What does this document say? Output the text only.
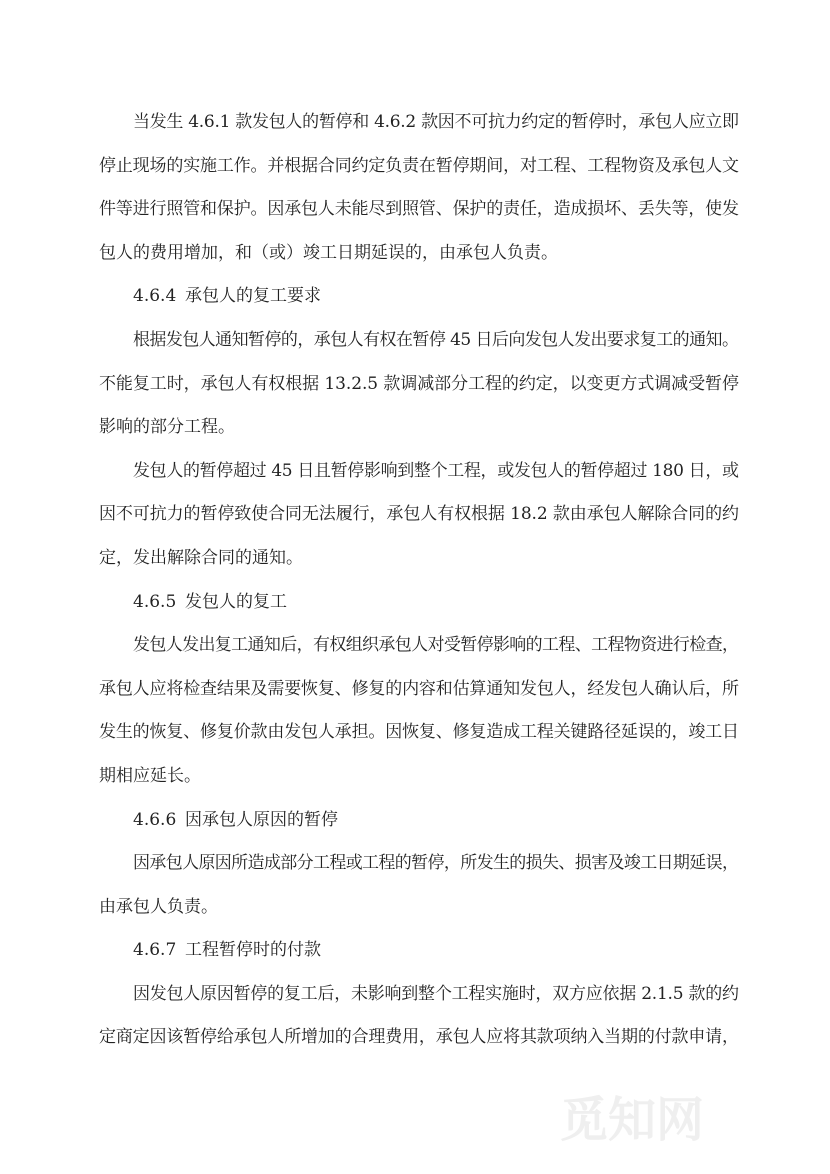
当发生 4.6.1 款发包人的暂停和 4.6.2 款因不可抗力约定的暂停时，承包人应立即
停止现场的实施工作。并根据合同约定负责在暂停期间，对工程、工程物资及承包人文
件等进行照管和保护。因承包人未能尽到照管、保护的责任，造成损坏、丢失等，使发
包人的费用增加，和（或）竣工日期延误的，由承包人负责。
4.6.4 承包人的复工要求
根据发包人通知暂停的，承包人有权在暂停 45 日后向发包人发出要求复工的通知。
不能复工时，承包人有权根据 13.2.5 款调减部分工程的约定，以变更方式调减受暂停
影响的部分工程。
发包人的暂停超过 45 日且暂停影响到整个工程，或发包人的暂停超过 180 日，或
因不可抗力的暂停致使合同无法履行，承包人有权根据 18.2 款由承包人解除合同的约
定，发出解除合同的通知。
4.6.5 发包人的复工
发包人发出复工通知后，有权组织承包人对受暂停影响的工程、工程物资进行检查，
承包人应将检查结果及需要恢复、修复的内容和估算通知发包人，经发包人确认后，所
发生的恢复、修复价款由发包人承担。因恢复、修复造成工程关键路径延误的，竣工日
期相应延长。
4.6.6 因承包人原因的暂停
因承包人原因所造成部分工程或工程的暂停，所发生的损失、损害及竣工日期延误，
由承包人负责。
4.6.7 工程暂停时的付款
因发包人原因暂停的复工后，未影响到整个工程实施时，双方应依据 2.1.5 款的约
定商定因该暂停给承包人所增加的合理费用，承包人应将其款项纳入当期的付款申请，
觅知网
